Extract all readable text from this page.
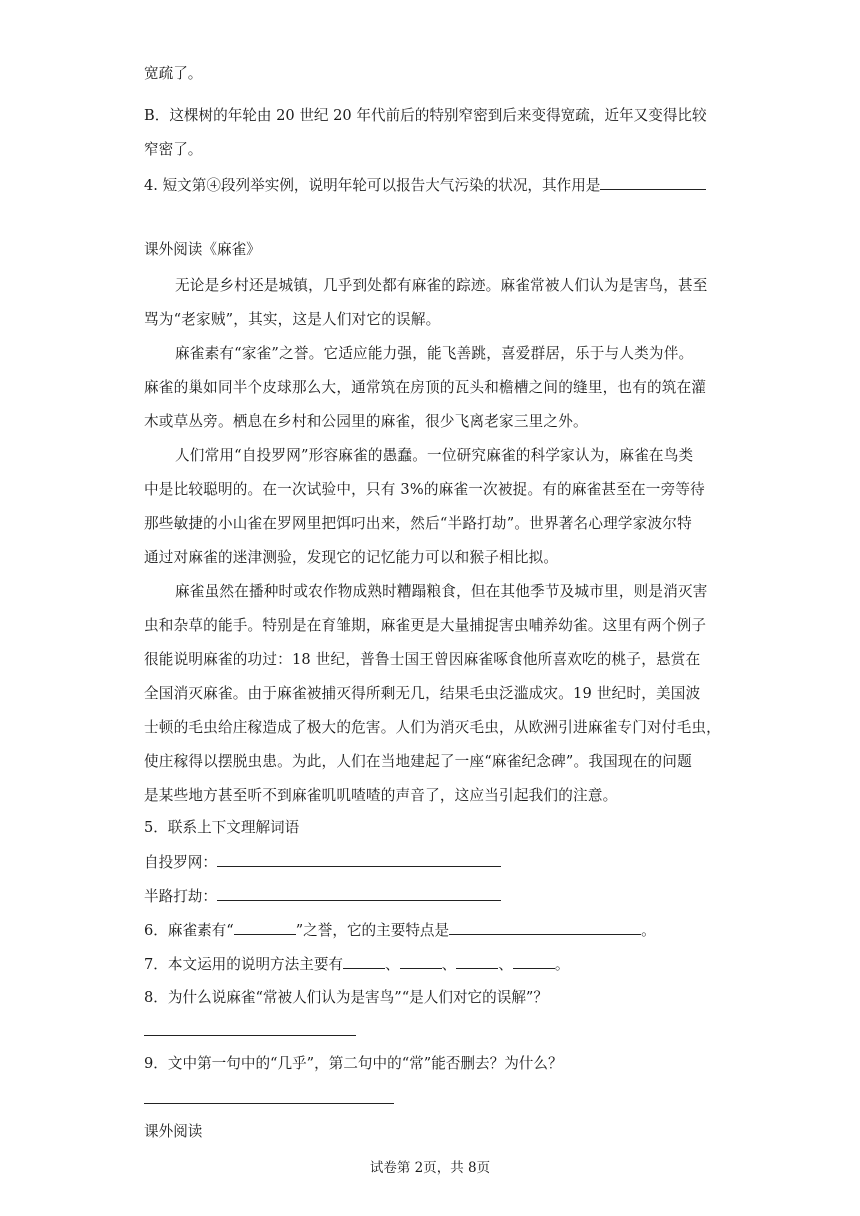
宽疏了。
B．这棵树的年轮由 20 世纪 20 年代前后的特别窄密到后来变得宽疏，近年又变得比较
窄密了。
4. 短文第④段列举实例，说明年轮可以报告大气污染的状况，其作用是
课外阅读《麻雀》
无论是乡村还是城镇，几乎到处都有麻雀的踪迹。麻雀常被人们认为是害鸟，甚至
骂为“老家贼”，其实，这是人们对它的误解。
麻雀素有“家雀”之誉。它适应能力强，能飞善跳，喜爱群居，乐于与人类为伴。
麻雀的巢如同半个皮球那么大，通常筑在房顶的瓦头和檐槽之间的缝里，也有的筑在灌
木或草丛旁。栖息在乡村和公园里的麻雀，很少飞离老家三里之外。
人们常用“自投罗网”形容麻雀的愚蠢。一位研究麻雀的科学家认为，麻雀在鸟类
中是比较聪明的。在一次试验中，只有 3%的麻雀一次被捉。有的麻雀甚至在一旁等待
那些敏捷的小山雀在罗网里把饵叼出来，然后“半路打劫”。世界著名心理学家波尔特
通过对麻雀的迷津测验，发现它的记忆能力可以和猴子相比拟。
麻雀虽然在播种时或农作物成熟时糟蹋粮食，但在其他季节及城市里，则是消灭害
虫和杂草的能手。特别是在育雏期，麻雀更是大量捕捉害虫哺养幼雀。这里有两个例子
很能说明麻雀的功过：18 世纪，普鲁士国王曾因麻雀啄食他所喜欢吃的桃子，悬赏在
全国消灭麻雀。由于麻雀被捕灭得所剩无几，结果毛虫泛滥成灾。19 世纪时，美国波
士顿的毛虫给庄稼造成了极大的危害。人们为消灭毛虫，从欧洲引进麻雀专门对付毛虫，
使庄稼得以摆脱虫患。为此，人们在当地建起了一座“麻雀纪念碑”。我国现在的问题
是某些地方甚至听不到麻雀叽叽喳喳的声音了，这应当引起我们的注意。
5．联系上下文理解词语
自投罗网：
半路打劫：
6．麻雀素有“	”之誉，它的主要特点是	。
7．本文运用的说明方法主要有	、	、	、	。
8．为什么说麻雀“常被人们认为是害鸟”“是人们对它的误解”？
9．文中第一句中的“几乎”，第二句中的“常”能否删去？为什么？
课外阅读
试卷第 2页，共 8页
